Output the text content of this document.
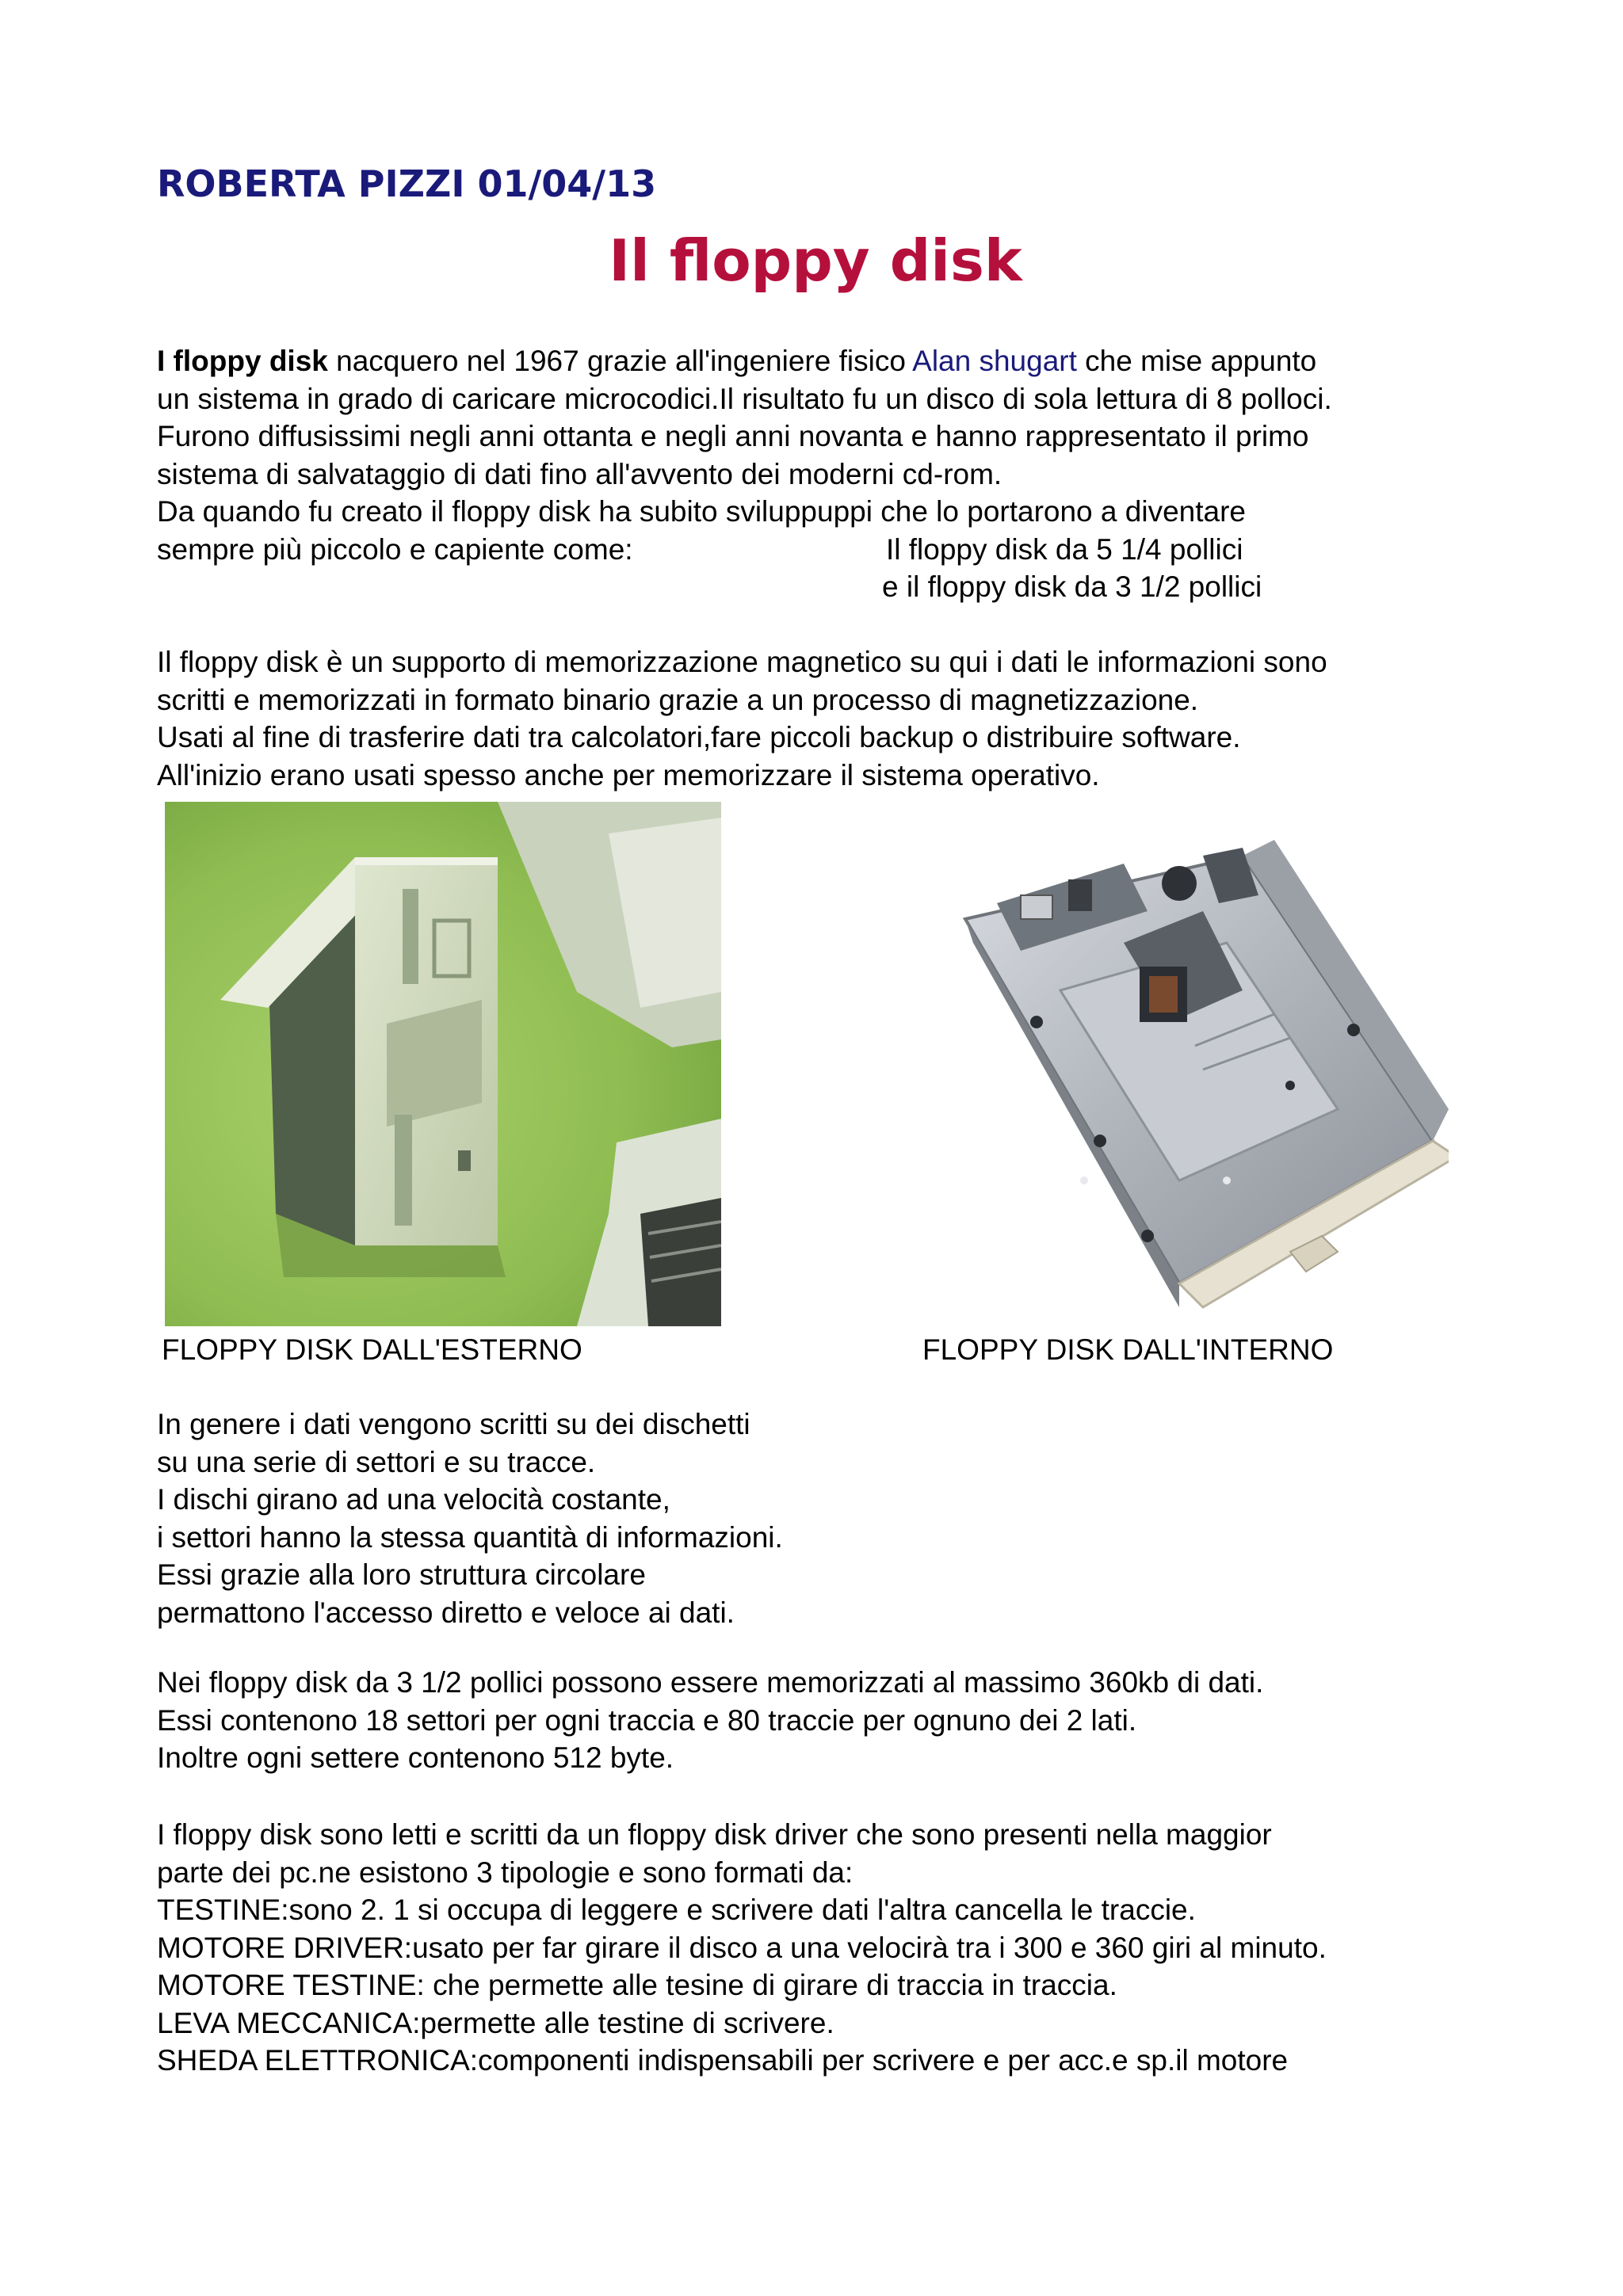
ROBERTA PIZZI 01/04/13
Il floppy disk
I floppy disk nacquero nel 1967 grazie all'ingeniere fisico Alan shugart che mise appunto
un sistema in grado di caricare microcodici.Il risultato fu un disco di sola lettura di 8 polloci.
Furono diffusissimi negli anni ottanta e negli anni novanta e hanno rappresentato il primo
sistema di salvataggio di dati fino all'avvento dei moderni cd-rom.
Da quando fu creato il floppy disk ha subito sviluppuppi che lo portarono a diventare
sempre più piccolo e capiente come:	Il floppy disk da 5 1/4 pollici
e il floppy disk da 3 1/2 pollici
Il floppy disk è un supporto di memorizzazione magnetico su qui i dati le informazioni sono
scritti e memorizzati in formato binario grazie a un processo di magnetizzazione.
Usati al fine di trasferire dati tra calcolatori,fare piccoli backup o distribuire software.
All'inizio erano usati spesso anche per memorizzare il sistema operativo.
FLOPPY DISK DALL'ESTERNO	FLOPPY DISK DALL'INTERNO
In genere i dati vengono scritti su dei dischetti
su una serie di settori e su tracce.
I dischi girano ad una velocità costante,
i settori hanno la stessa quantità di informazioni.
Essi grazie alla loro struttura circolare
permattono l'accesso diretto e veloce ai dati.
Nei floppy disk da 3 1/2 pollici possono essere memorizzati al massimo 360kb di dati.
Essi contenono 18 settori per ogni traccia e 80 traccie per ognuno dei 2 lati.
Inoltre ogni settere contenono 512 byte.
I floppy disk sono letti e scritti da un floppy disk driver che sono presenti nella maggior
parte dei pc.ne esistono 3 tipologie e sono formati da:
TESTINE:sono 2. 1 si occupa di leggere e scrivere dati l'altra cancella le traccie.
MOTORE DRIVER:usato per far girare il disco a una velocirà tra i 300 e 360 giri al minuto.
MOTORE TESTINE: che permette alle tesine di girare di traccia in traccia.
LEVA MECCANICA:permette alle testine di scrivere.
SHEDA ELETTRONICA:componenti indispensabili per scrivere e per acc.e sp.il motore
